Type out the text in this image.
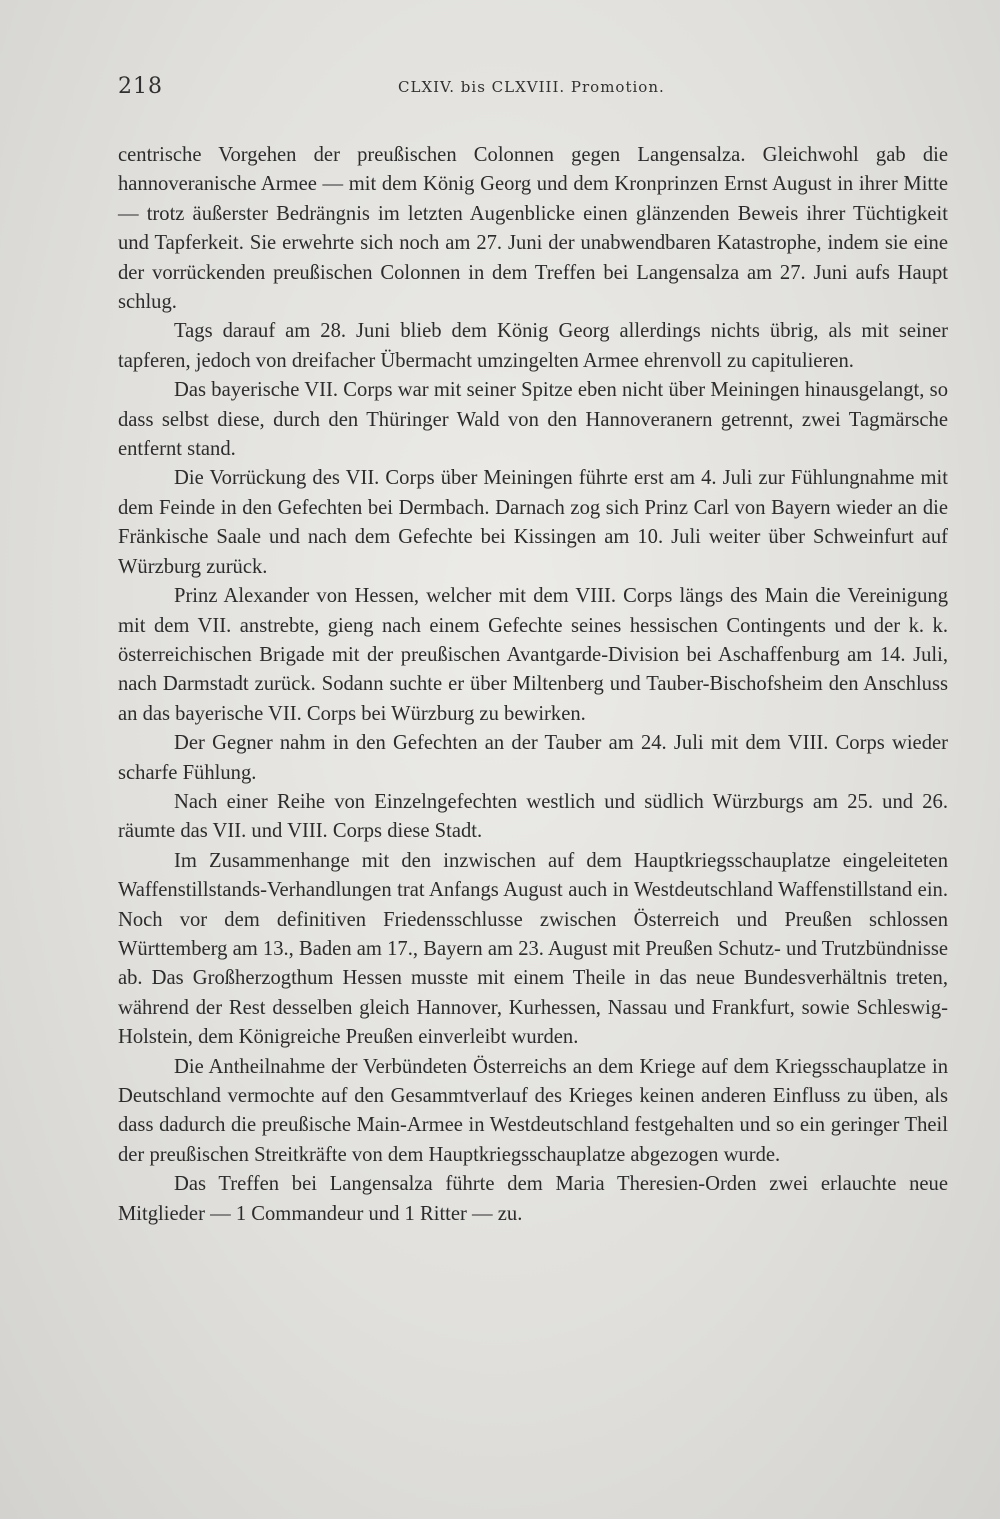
218	CLXIV. bis CLXVIII. Promotion.

centrische Vorgehen der preußischen Colonnen gegen Langensalza. Gleichwohl gab die hannoveranische Armee — mit dem König Georg und dem Kronprinzen Ernst August in ihrer Mitte — trotz äußerster Bedrängnis im letzten Augenblicke einen glänzenden Beweis ihrer Tüchtigkeit und Tapferkeit. Sie erwehrte sich noch am 27. Juni der unabwendbaren Katastrophe, indem sie eine der vorrückenden preußischen Colonnen in dem Treffen bei Langensalza am 27. Juni aufs Haupt schlug.

Tags darauf am 28. Juni blieb dem König Georg allerdings nichts übrig, als mit seiner tapferen, jedoch von dreifacher Übermacht umzingelten Armee ehrenvoll zu capitulieren.

Das bayerische VII. Corps war mit seiner Spitze eben nicht über Meiningen hinausgelangt, so dass selbst diese, durch den Thüringer Wald von den Hannoveranern getrennt, zwei Tagmärsche entfernt stand.

Die Vorrückung des VII. Corps über Meiningen führte erst am 4. Juli zur Fühlungnahme mit dem Feinde in den Gefechten bei Dermbach. Darnach zog sich Prinz Carl von Bayern wieder an die Fränkische Saale und nach dem Gefechte bei Kissingen am 10. Juli weiter über Schweinfurt auf Würzburg zurück.

Prinz Alexander von Hessen, welcher mit dem VIII. Corps längs des Main die Vereinigung mit dem VII. anstrebte, gieng nach einem Gefechte seines hessischen Contingents und der k. k. österreichischen Brigade mit der preußischen Avantgarde-Division bei Aschaffenburg am 14. Juli, nach Darmstadt zurück. Sodann suchte er über Miltenberg und Tauber-Bischofsheim den Anschluss an das bayerische VII. Corps bei Würzburg zu bewirken.

Der Gegner nahm in den Gefechten an der Tauber am 24. Juli mit dem VIII. Corps wieder scharfe Fühlung.

Nach einer Reihe von Einzelngefechten westlich und südlich Würzburgs am 25. und 26. räumte das VII. und VIII. Corps diese Stadt.

Im Zusammenhange mit den inzwischen auf dem Hauptkriegsschauplatze eingeleiteten Waffenstillstands-Verhandlungen trat Anfangs August auch in Westdeutschland Waffenstillstand ein. Noch vor dem definitiven Friedensschlusse zwischen Österreich und Preußen schlossen Württemberg am 13., Baden am 17., Bayern am 23. August mit Preußen Schutz- und Trutzbündnisse ab. Das Großherzogthum Hessen musste mit einem Theile in das neue Bundesverhältnis treten, während der Rest desselben gleich Hannover, Kurhessen, Nassau und Frankfurt, sowie Schleswig-Holstein, dem Königreiche Preußen einverleibt wurden.

Die Antheilnahme der Verbündeten Österreichs an dem Kriege auf dem Kriegsschauplatze in Deutschland vermochte auf den Gesammtverlauf des Krieges keinen anderen Einfluss zu üben, als dass dadurch die preußische Main-Armee in Westdeutschland festgehalten und so ein geringer Theil der preußischen Streitkräfte von dem Hauptkriegsschauplatze abgezogen wurde.

Das Treffen bei Langensalza führte dem Maria Theresien-Orden zwei erlauchte neue Mitglieder — 1 Commandeur und 1 Ritter — zu.
